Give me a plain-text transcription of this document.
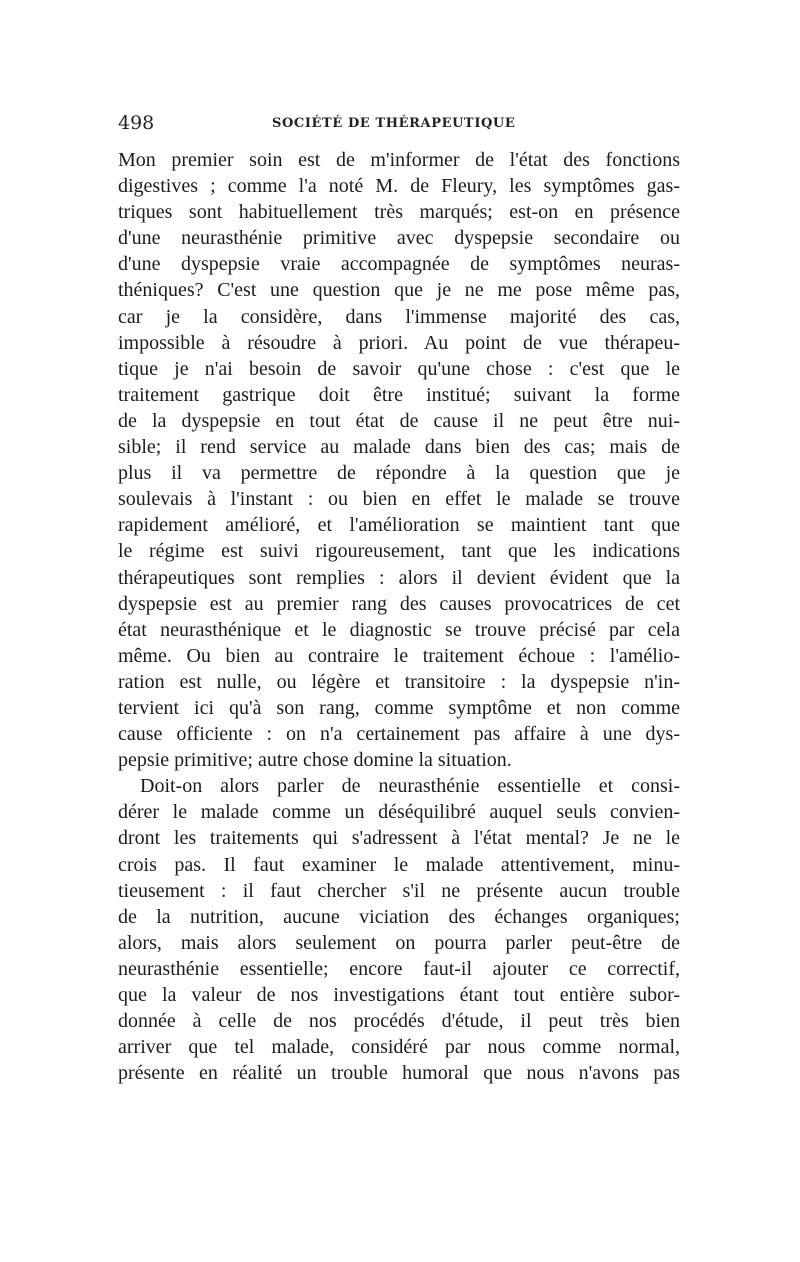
498	SOCIÉTÉ DE THÉRAPEUTIQUE
Mon premier soin est de m'informer de l'état des fonctions
digestives ; comme l'a noté M. de Fleury, les symptômes gas-
triques sont habituellement très marqués; est-on en présence
d'une neurasthénie primitive avec dyspepsie secondaire ou
d'une dyspepsie vraie accompagnée de symptômes neuras-
théniques? C'est une question que je ne me pose même pas,
car je la considère, dans l'immense majorité des cas,
impossible à résoudre à priori. Au point de vue thérapeu-
tique je n'ai besoin de savoir qu'une chose : c'est que le
traitement gastrique doit être institué; suivant la forme
de la dyspepsie en tout état de cause il ne peut être nui-
sible; il rend service au malade dans bien des cas; mais de
plus il va permettre de répondre à la question que je
soulevais à l'instant : ou bien en effet le malade se trouve
rapidement amélioré, et l'amélioration se maintient tant que
le régime est suivi rigoureusement, tant que les indications
thérapeutiques sont remplies : alors il devient évident que la
dyspepsie est au premier rang des causes provocatrices de cet
état neurasthénique et le diagnostic se trouve précisé par cela
même. Ou bien au contraire le traitement échoue : l'amélio-
ration est nulle, ou légère et transitoire : la dyspepsie n'in-
tervient ici qu'à son rang, comme symptôme et non comme
cause officiente : on n'a certainement pas affaire à une dys-
pepsie primitive; autre chose domine la situation.
Doit-on alors parler de neurasthénie essentielle et consi-
dérer le malade comme un déséquilibré auquel seuls convien-
dront les traitements qui s'adressent à l'état mental? Je ne le
crois pas. Il faut examiner le malade attentivement, minu-
tieusement : il faut chercher s'il ne présente aucun trouble
de la nutrition, aucune viciation des échanges organiques;
alors, mais alors seulement on pourra parler peut-être de
neurasthénie essentielle; encore faut-il ajouter ce correctif,
que la valeur de nos investigations étant tout entière subor-
donnée à celle de nos procédés d'étude, il peut très bien
arriver que tel malade, considéré par nous comme normal,
présente en réalité un trouble humoral que nous n'avons pas
